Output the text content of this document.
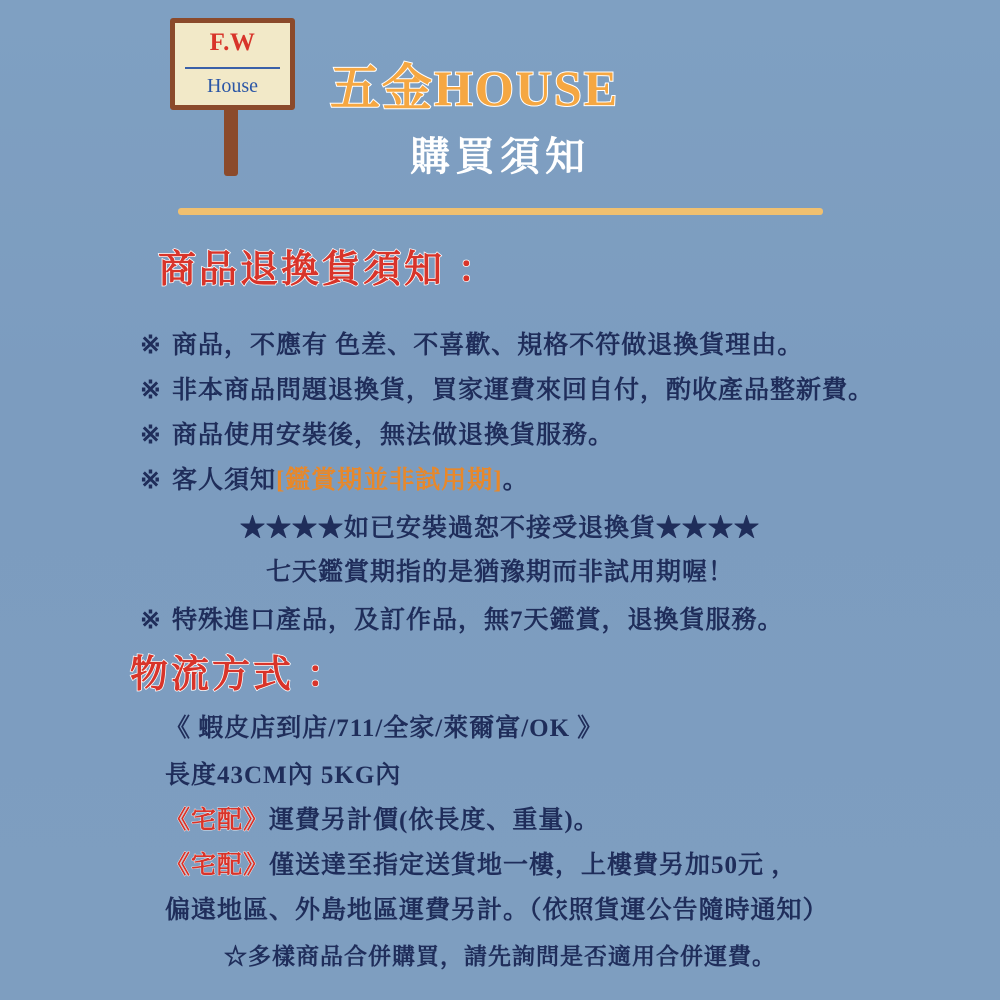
F.W
House	五金HOUSE
購買須知
商品退換貨須知 ：
※ 商品，不應有 色差、不喜歡、規格不符做退換貨理由。
※ 非本商品問題退換貨，買家運費來回自付，酌收產品整新費。
※ 商品使用安裝後，無法做退換貨服務。
※ 客人須知[鑑賞期並非試用期]。
★★★★如已安裝過恕不接受退換貨★★★★
七天鑑賞期指的是猶豫期而非試用期喔！
※ 特殊進口產品，及訂作品，無7天鑑賞，退換貨服務。
物流方式 ：
《 蝦皮店到店/711/全家/萊爾富/OK 》
長度43CM內 5KG內
《宅配》運費另計價(依長度、重量)。
《宅配》僅送達至指定送貨地一樓，上樓費另加50元 ，
偏遠地區、外島地區運費另計。（依照貨運公告隨時通知）
☆多樣商品合併購買，請先詢問是否適用合併運費。
